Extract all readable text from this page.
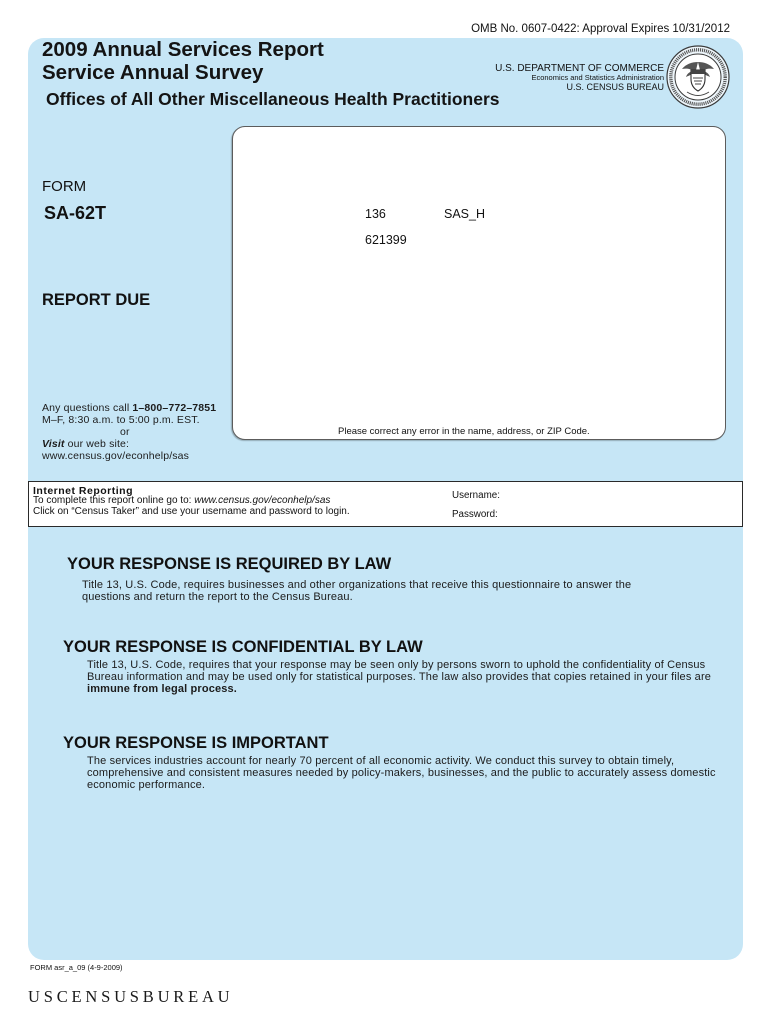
OMB No. 0607-0422: Approval Expires 10/31/2012
2009 Annual Services Report
Service Annual Survey
Offices of All Other Miscellaneous Health Practitioners
U.S. DEPARTMENT OF COMMERCE
Economics and Statistics Administration
U.S. CENSUS BUREAU
FORM
SA-62T
REPORT DUE
136	SAS_H
621399
Please correct any error in the name, address, or ZIP Code.
Any questions call 1–800–772–7851
M–F, 8:30 a.m. to 5:00 p.m. EST.
or
Visit our web site:
www.census.gov/econhelp/sas
Internet Reporting
To complete this report online go to: www.census.gov/econhelp/sas
Click on “Census Taker” and use your username and password to login.
Username:
Password:
YOUR RESPONSE IS REQUIRED BY LAW
Title 13, U.S. Code, requires businesses and other organizations that receive this questionnaire to answer the
questions and return the report to the Census Bureau.
YOUR RESPONSE IS CONFIDENTIAL BY LAW
Title 13, U.S. Code, requires that your response may be seen only by persons sworn to uphold the confidentiality of Census
Bureau information and may be used only for statistical purposes. The law also provides that copies retained in your files are
immune from legal process.
YOUR RESPONSE IS IMPORTANT
The services industries account for nearly 70 percent of all economic activity. We conduct this survey to obtain timely,
comprehensive and consistent measures needed by policy-makers, businesses, and the public to accurately assess domestic
economic performance.
FORM asr_a_09 (4-9-2009)
USCENSUSBUREAU
